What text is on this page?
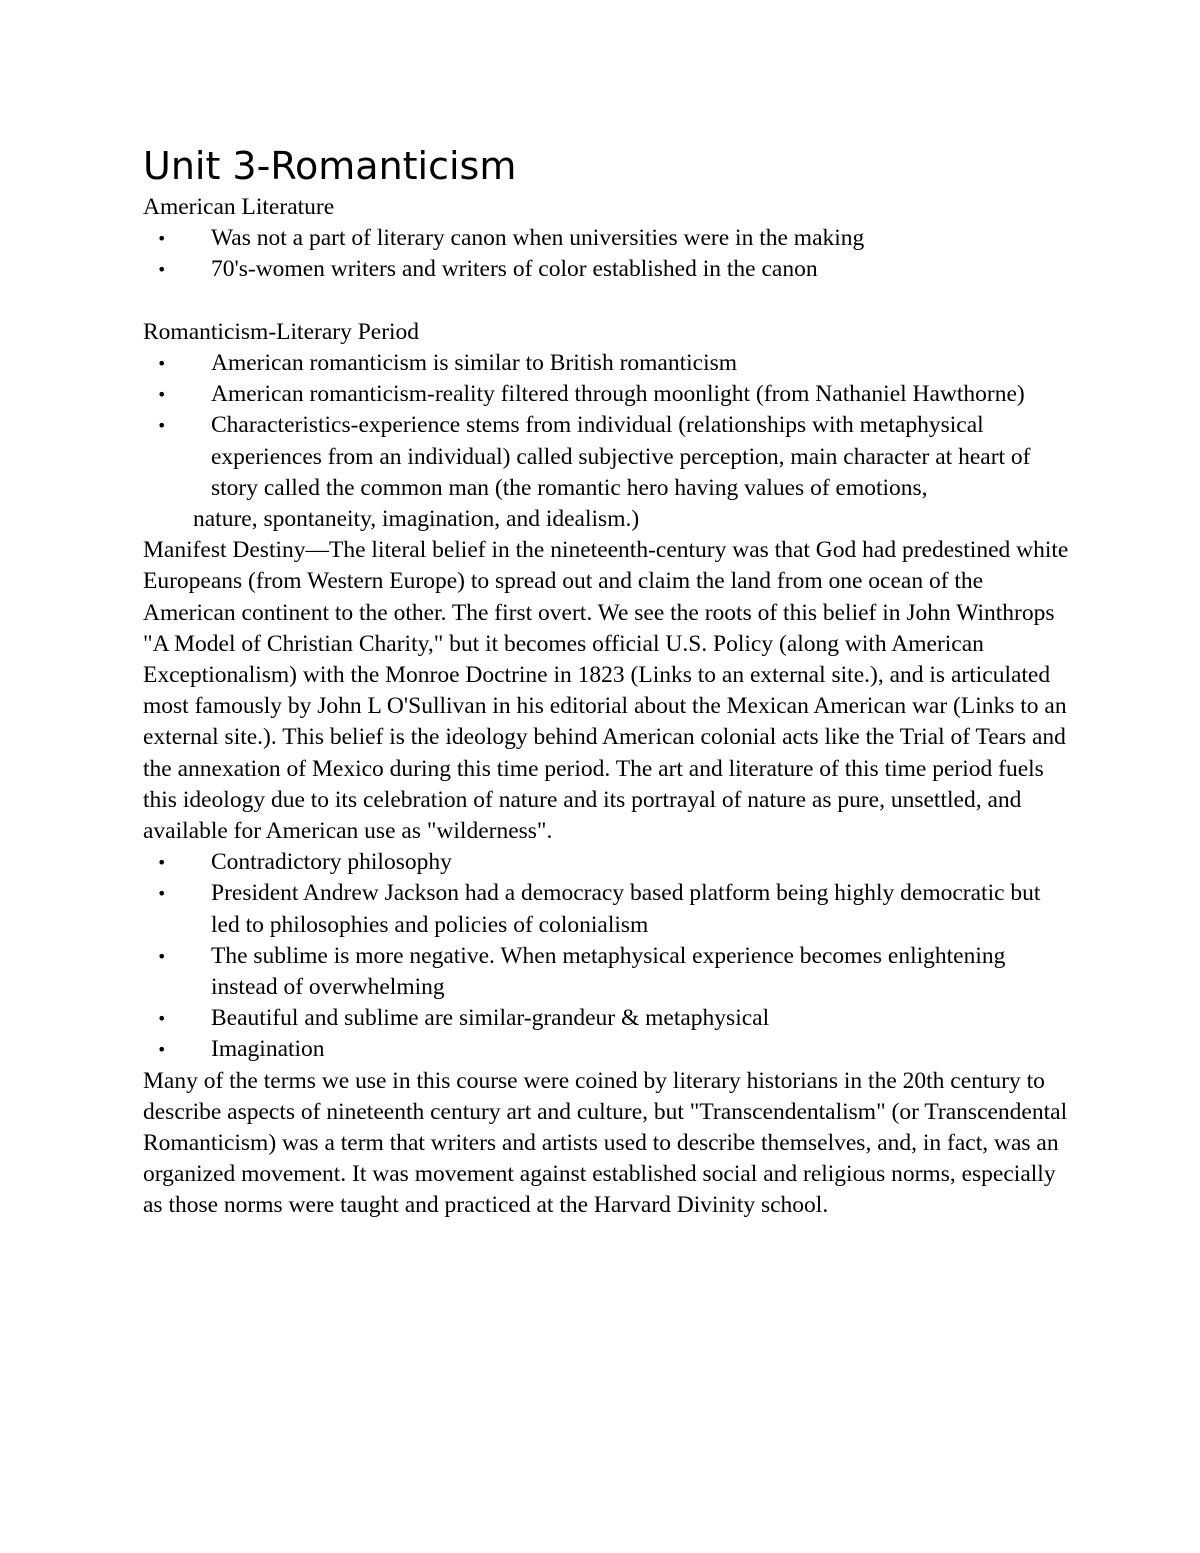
Unit 3-Romanticism

American Literature

•	Was not a part of literary canon when universities were in the making
•	70's-women writers and writers of color established in the canon

Romanticism-Literary Period

•	American romanticism is similar to British romanticism
•	American romanticism-reality filtered through moonlight (from Nathaniel Hawthorne)
•	Characteristics-experience stems from individual (relationships with metaphysical experiences from an individual) called subjective perception, main character at heart of story called the common man (the romantic hero having values of emotions,

nature, spontaneity, imagination, and idealism.)

Manifest Destiny—The literal belief in the nineteenth-century was that God had predestined white Europeans (from Western Europe) to spread out and claim the land from one ocean of the American continent to the other. The first overt. We see the roots of this belief in John Winthrops "A Model of Christian Charity," but it becomes official U.S. Policy (along with American Exceptionalism) with the Monroe Doctrine in 1823 (Links to an external site.), and is articulated most famously by John L O'Sullivan in his editorial about the Mexican American war (Links to an external site.). This belief is the ideology behind American colonial acts like the Trial of Tears and the annexation of Mexico during this time period. The art and literature of this time period fuels this ideology due to its celebration of nature and its portrayal of nature as pure, unsettled, and available for American use as "wilderness".

•	Contradictory philosophy
•	President Andrew Jackson had a democracy based platform being highly democratic but led to philosophies and policies of colonialism
•	The sublime is more negative. When metaphysical experience becomes enlightening instead of overwhelming
•	Beautiful and sublime are similar-grandeur & metaphysical
•	Imagination

Many of the terms we use in this course were coined by literary historians in the 20th century to describe aspects of nineteenth century art and culture, but "Transcendentalism" (or Transcendental Romanticism) was a term that writers and artists used to describe themselves, and, in fact, was an organized movement. It was movement against established social and religious norms, especially as those norms were taught and practiced at the Harvard Divinity school.
